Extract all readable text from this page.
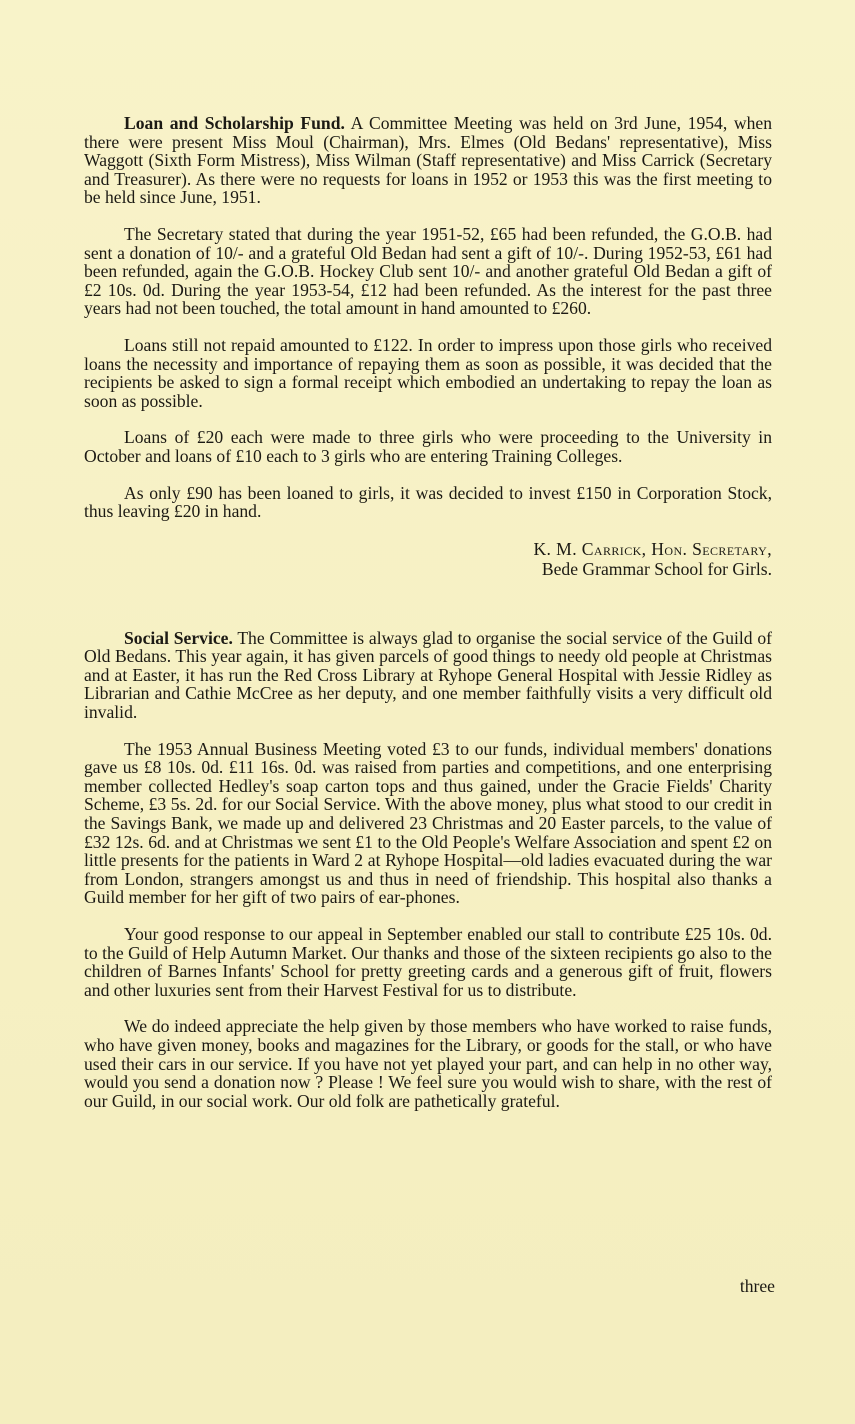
Loan and Scholarship Fund. A Committee Meeting was held on 3rd June, 1954, when there were present Miss Moul (Chairman), Mrs. Elmes (Old Bedans' representative), Miss Waggott (Sixth Form Mistress), Miss Wilman (Staff representative) and Miss Carrick (Secretary and Treasurer). As there were no requests for loans in 1952 or 1953 this was the first meeting to be held since June, 1951.

The Secretary stated that during the year 1951-52, £65 had been refunded, the G.O.B. had sent a donation of 10/- and a grateful Old Bedan had sent a gift of 10/-. During 1952-53, £61 had been refunded, again the G.O.B. Hockey Club sent 10/- and another grateful Old Bedan a gift of £2 10s. 0d. During the year 1953-54, £12 had been refunded. As the interest for the past three years had not been touched, the total amount in hand amounted to £260.

Loans still not repaid amounted to £122. In order to impress upon those girls who received loans the necessity and importance of repaying them as soon as possible, it was decided that the recipients be asked to sign a formal receipt which embodied an undertaking to repay the loan as soon as possible.

Loans of £20 each were made to three girls who were proceeding to the University in October and loans of £10 each to 3 girls who are entering Training Colleges.

As only £90 has been loaned to girls, it was decided to invest £150 in Corporation Stock, thus leaving £20 in hand.

K. M. Carrick, Hon. Secretary,
Bede Grammar School for Girls.

Social Service. The Committee is always glad to organise the social service of the Guild of Old Bedans. This year again, it has given parcels of good things to needy old people at Christmas and at Easter, it has run the Red Cross Library at Ryhope General Hospital with Jessie Ridley as Librarian and Cathie McCree as her deputy, and one member faithfully visits a very difficult old invalid.

The 1953 Annual Business Meeting voted £3 to our funds, individual members' donations gave us £8 10s. 0d. £11 16s. 0d. was raised from parties and competitions, and one enterprising member collected Hedley's soap carton tops and thus gained, under the Gracie Fields' Charity Scheme, £3 5s. 2d. for our Social Service. With the above money, plus what stood to our credit in the Savings Bank, we made up and delivered 23 Christmas and 20 Easter parcels, to the value of £32 12s. 6d. and at Christmas we sent £1 to the Old People's Welfare Association and spent £2 on little presents for the patients in Ward 2 at Ryhope Hospital—old ladies evacuated during the war from London, strangers amongst us and thus in need of friendship. This hospital also thanks a Guild member for her gift of two pairs of ear-phones.

Your good response to our appeal in September enabled our stall to contribute £25 10s. 0d. to the Guild of Help Autumn Market. Our thanks and those of the sixteen recipients go also to the children of Barnes Infants' School for pretty greeting cards and a generous gift of fruit, flowers and other luxuries sent from their Harvest Festival for us to distribute.

We do indeed appreciate the help given by those members who have worked to raise funds, who have given money, books and magazines for the Library, or goods for the stall, or who have used their cars in our service. If you have not yet played your part, and can help in no other way, would you send a donation now ? Please ! We feel sure you would wish to share, with the rest of our Guild, in our social work. Our old folk are pathetically grateful.

three
